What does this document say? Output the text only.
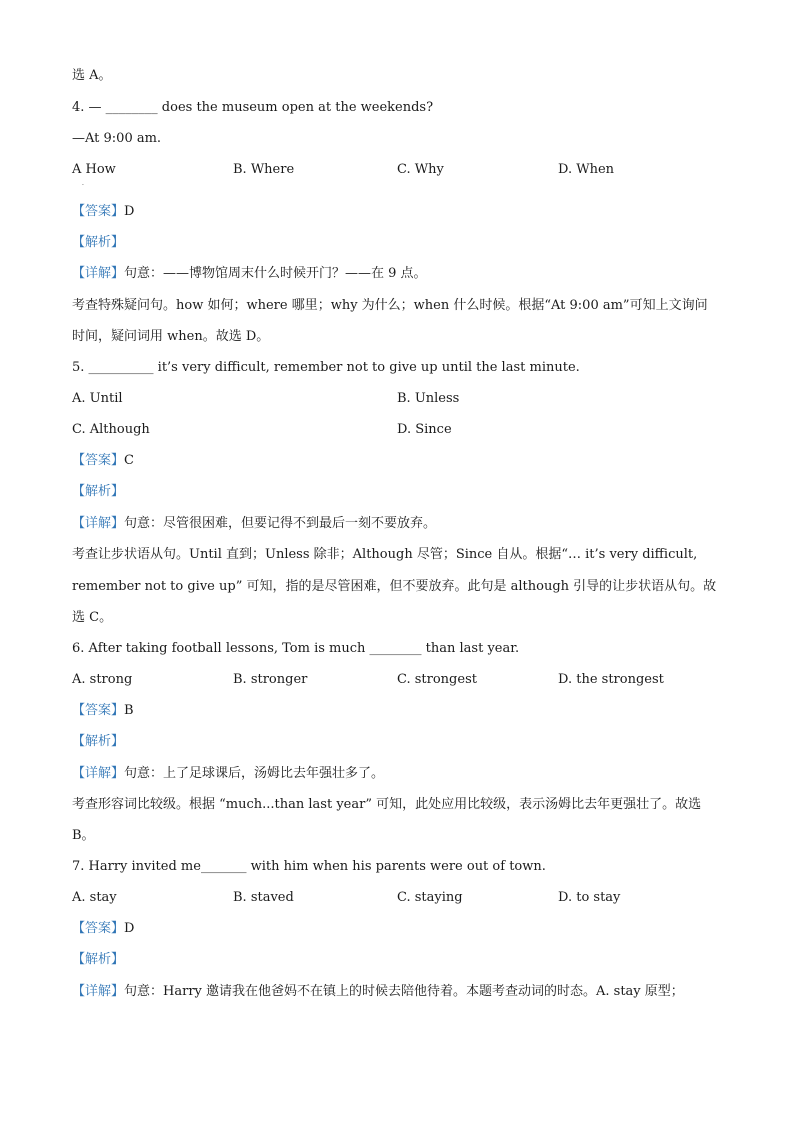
选 A。
4. — ________ does the museum open at the weekends?
—At 9:00 am.
A How	B. Where	C. Why	D. When
·
【答案】D
【解析】
【详解】句意：——博物馆周末什么时候开门？——在 9 点。
考查特殊疑问句。how 如何；where 哪里；why 为什么；when 什么时候。根据“At 9:00 am”可知上文询问
时间，疑问词用 when。故选 D。
5. __________ it’s very difficult, remember not to give up until the last minute.
A. Until	B. Unless
C. Although	D. Since
【答案】C
【解析】
【详解】句意：尽管很困难，但要记得不到最后一刻不要放弃。
考查让步状语从句。Until 直到；Unless 除非；Although 尽管；Since 自从。根据“… it’s very difficult,
remember not to give up” 可知，指的是尽管困难，但不要放弃。此句是 although 引导的让步状语从句。故
选 C。
6. After taking football lessons, Tom is much ________ than last year.
A. strong	B. stronger	C. strongest	D. the strongest
【答案】B
【解析】
【详解】句意：上了足球课后，汤姆比去年强壮多了。
考查形容词比较级。根据 “much...than last year” 可知，此处应用比较级，表示汤姆比去年更强壮了。故选
B。
7. Harry invited me_______ with him when his parents were out of town.
A. stay	B. staved	C. staying	D. to stay
【答案】D
【解析】
【详解】句意：Harry 邀请我在他爸妈不在镇上的时候去陪他待着。本题考查动词的时态。A. stay 原型；
